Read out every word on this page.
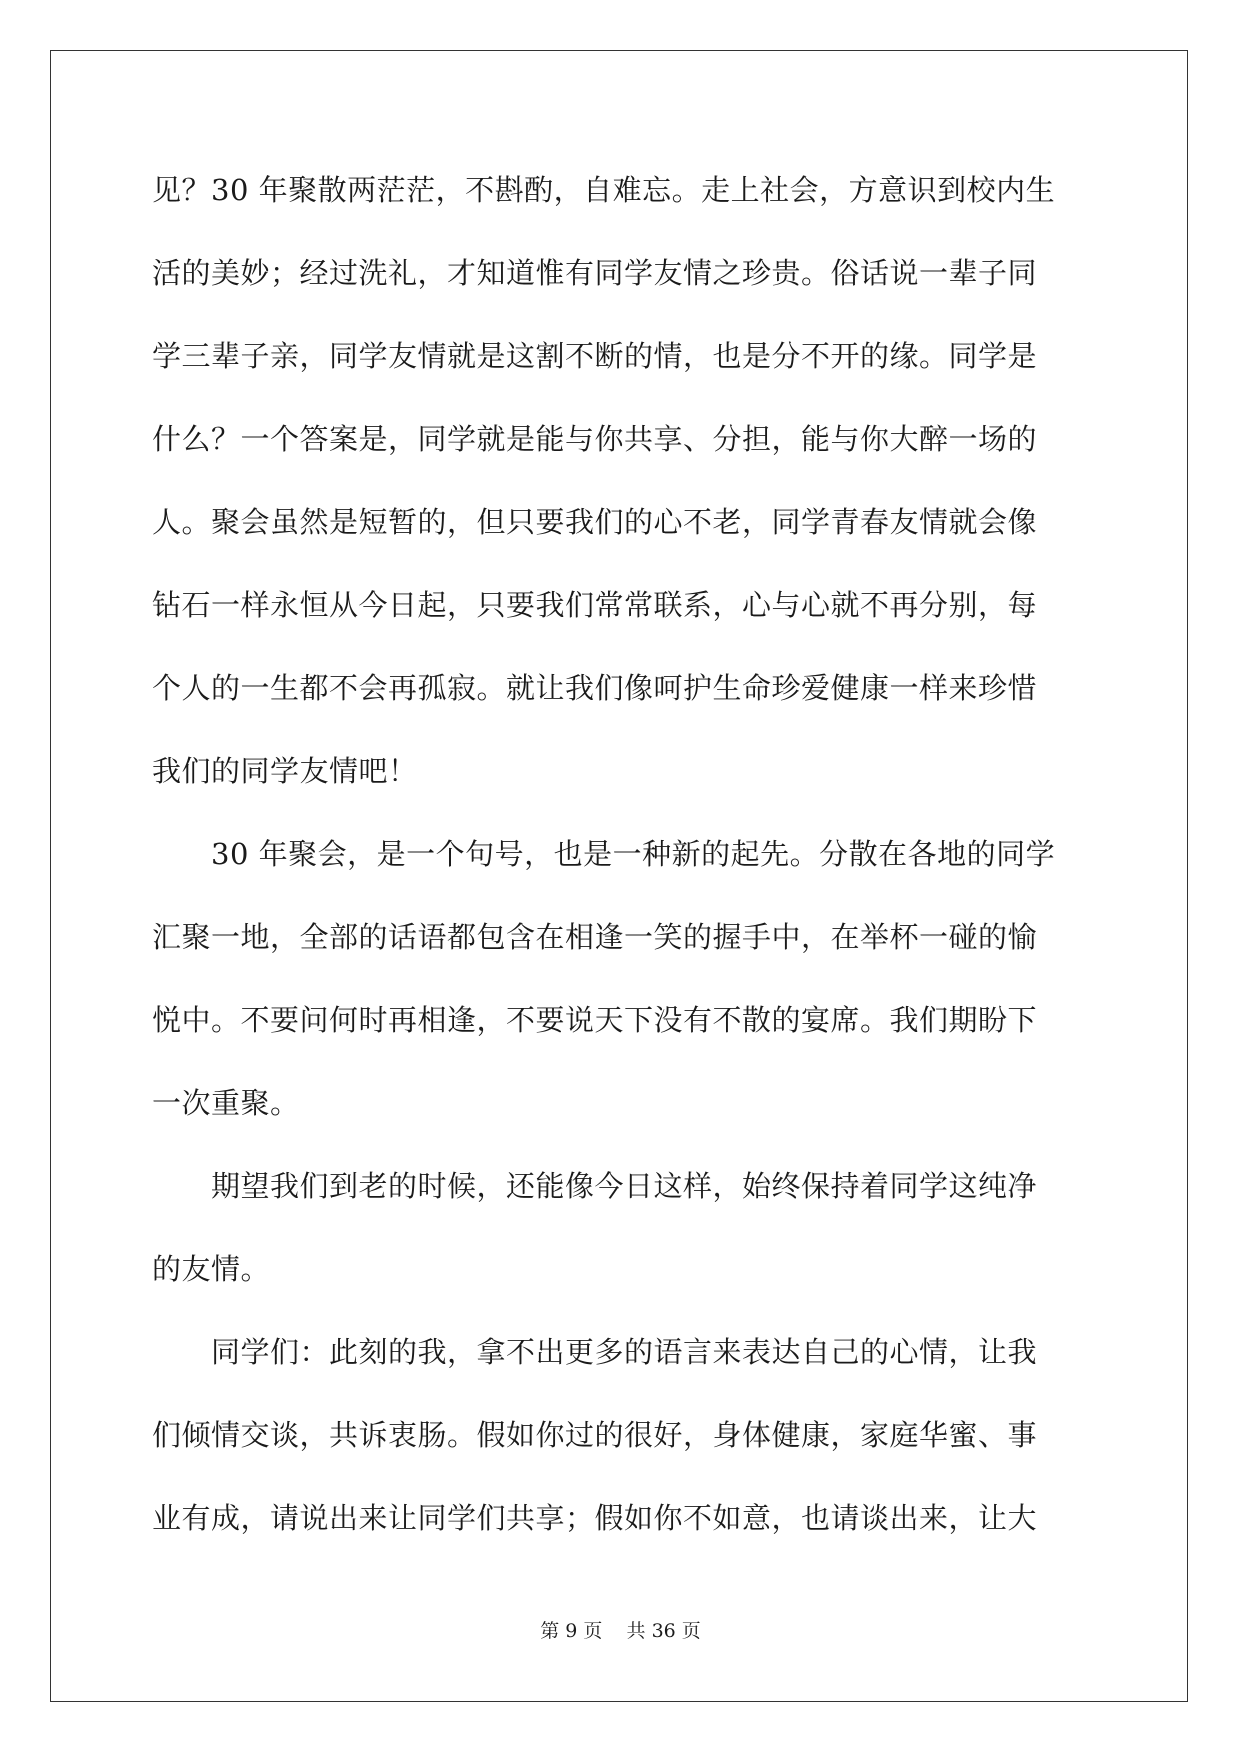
见？30 年聚散两茫茫，不斟酌，自难忘。走上社会，方意识到校内生
活的美妙；经过洗礼，才知道惟有同学友情之珍贵。俗话说一辈子同
学三辈子亲，同学友情就是这割不断的情，也是分不开的缘。同学是
什么？一个答案是，同学就是能与你共享、分担，能与你大醉一场的
人。聚会虽然是短暂的，但只要我们的心不老，同学青春友情就会像
钻石一样永恒从今日起，只要我们常常联系，心与心就不再分别，每
个人的一生都不会再孤寂。就让我们像呵护生命珍爱健康一样来珍惜
我们的同学友情吧！
　　30 年聚会，是一个句号，也是一种新的起先。分散在各地的同学
汇聚一地，全部的话语都包含在相逢一笑的握手中，在举杯一碰的愉
悦中。不要问何时再相逢，不要说天下没有不散的宴席。我们期盼下
一次重聚。
　　期望我们到老的时候，还能像今日这样，始终保持着同学这纯净
的友情。
　　同学们：此刻的我，拿不出更多的语言来表达自己的心情，让我
们倾情交谈，共诉衷肠。假如你过的很好，身体健康，家庭华蜜、事
业有成，请说出来让同学们共享；假如你不如意，也请谈出来，让大
第 9 页 共 36 页
